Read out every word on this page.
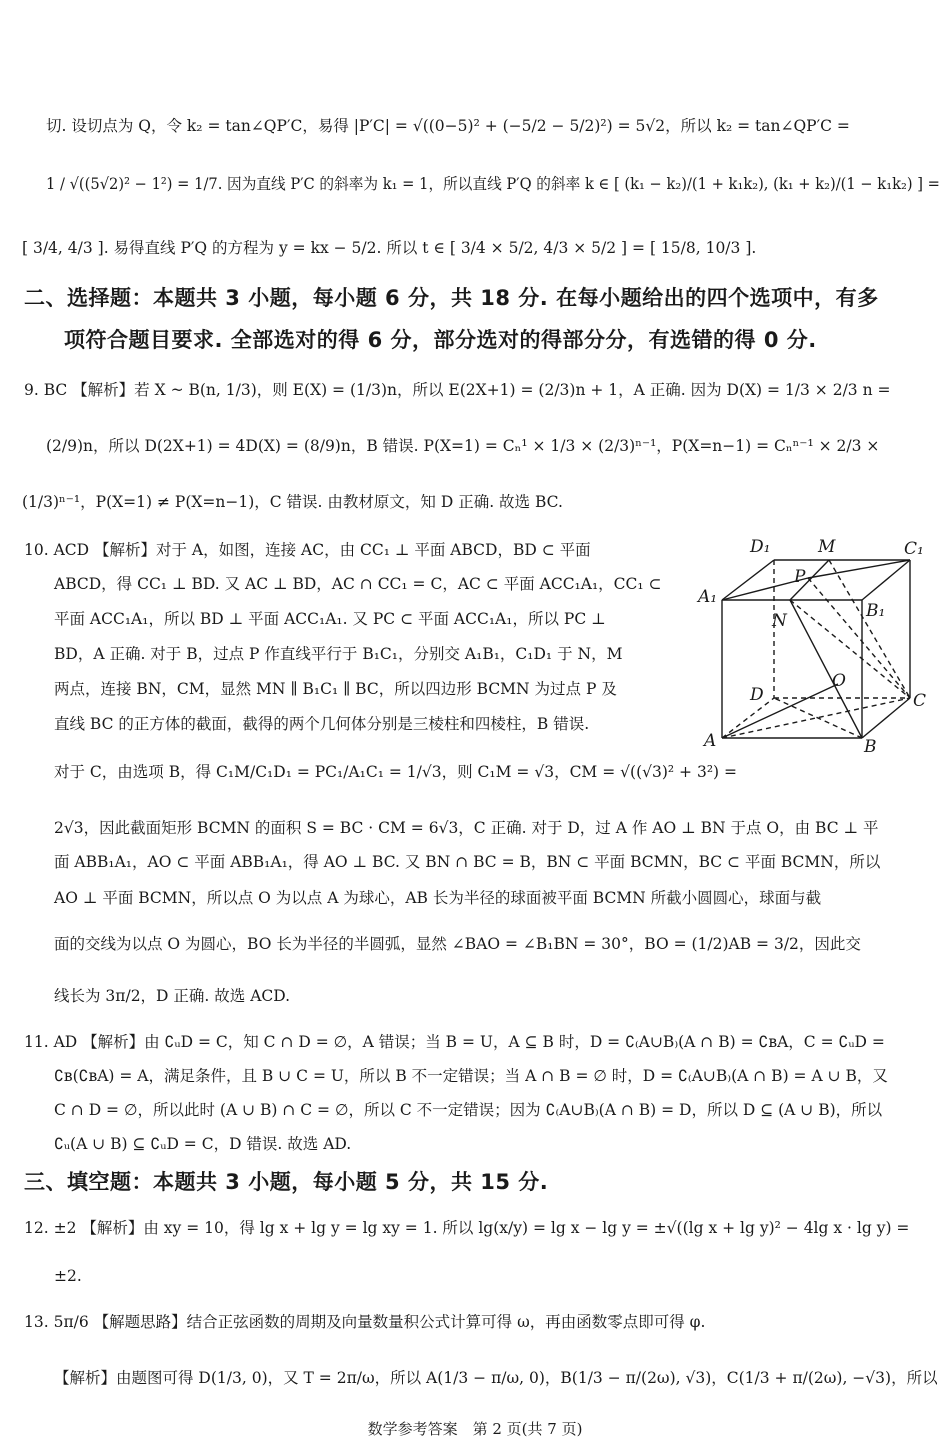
切. 设切点为 Q，令 k₂ = tan∠QP′C，易得 |P′C| = √((0−5)² + (−5/2 − 5/2)²) = 5√2，所以 k₂ = tan∠QP′C =
1 / √((5√2)² − 1²) = 1/7. 因为直线 P′C 的斜率为 k₁ = 1，所以直线 P′Q 的斜率 k ∈ [ (k₁ − k₂)/(1 + k₁k₂), (k₁ + k₂)/(1 − k₁k₂) ] =
[ 3/4, 4/3 ]. 易得直线 P′Q 的方程为 y = kx − 5/2. 所以 t ∈ [ 3/4 × 5/2, 4/3 × 5/2 ] = [ 15/8, 10/3 ].
二、选择题：本题共 3 小题，每小题 6 分，共 18 分. 在每小题给出的四个选项中，有多
项符合题目要求. 全部选对的得 6 分，部分选对的得部分分，有选错的得 0 分.
9. BC 【解析】若 X ~ B(n, 1/3)，则 E(X) = (1/3)n，所以 E(2X+1) = (2/3)n + 1，A 正确. 因为 D(X) = 1/3 × 2/3 n =
(2/9)n，所以 D(2X+1) = 4D(X) = (8/9)n，B 错误. P(X=1) = Cₙ¹ × 1/3 × (2/3)ⁿ⁻¹，P(X=n−1) = Cₙⁿ⁻¹ × 2/3 ×
(1/3)ⁿ⁻¹，P(X=1) ≠ P(X=n−1)，C 错误. 由教材原文，知 D 正确. 故选 BC.
10. ACD 【解析】对于 A，如图，连接 AC，由 CC₁ ⊥ 平面 ABCD，BD ⊂ 平面
ABCD，得 CC₁ ⊥ BD. 又 AC ⊥ BD，AC ∩ CC₁ = C，AC ⊂ 平面 ACC₁A₁，CC₁ ⊂
平面 ACC₁A₁，所以 BD ⊥ 平面 ACC₁A₁. 又 PC ⊂ 平面 ACC₁A₁，所以 PC ⊥
BD，A 正确. 对于 B，过点 P 作直线平行于 B₁C₁，分别交 A₁B₁，C₁D₁ 于 N，M
两点，连接 BN，CM，显然 MN ∥ B₁C₁ ∥ BC，所以四边形 BCMN 为过点 P 及
直线 BC 的正方体的截面，截得的两个几何体分别是三棱柱和四棱柱，B 错误.
对于 C，由选项 B，得 C₁M/C₁D₁ = PC₁/A₁C₁ = 1/√3，则 C₁M = √3，CM = √((√3)² + 3²) =
2√3，因此截面矩形 BCMN 的面积 S = BC · CM = 6√3，C 正确. 对于 D，过 A 作 AO ⊥ BN 于点 O，由 BC ⊥ 平
面 ABB₁A₁，AO ⊂ 平面 ABB₁A₁，得 AO ⊥ BC. 又 BN ∩ BC = B，BN ⊂ 平面 BCMN，BC ⊂ 平面 BCMN，所以
AO ⊥ 平面 BCMN，所以点 O 为以点 A 为球心，AB 长为半径的球面被平面 BCMN 所截小圆圆心，球面与截
面的交线为以点 O 为圆心，BO 长为半径的半圆弧，显然 ∠BAO = ∠B₁BN = 30°，BO = (1/2)AB = 3/2，因此交
线长为 3π/2，D 正确. 故选 ACD.
11. AD 【解析】由 ∁ᵤD = C，知 C ∩ D = ∅，A 错误；当 B = U，A ⊆ B 时，D = ∁₍A∪B₎(A ∩ B) = ∁ʙA，C = ∁ᵤD =
∁ʙ(∁ʙA) = A，满足条件，且 B ∪ C = U，所以 B 不一定错误；当 A ∩ B = ∅ 时，D = ∁₍A∪B₎(A ∩ B) = A ∪ B，又
C ∩ D = ∅，所以此时 (A ∪ B) ∩ C = ∅，所以 C 不一定错误；因为 ∁₍A∪B₎(A ∩ B) = D，所以 D ⊆ (A ∪ B)，所以
∁ᵤ(A ∪ B) ⊆ ∁ᵤD = C，D 错误. 故选 AD.
三、填空题：本题共 3 小题，每小题 5 分，共 15 分.
12. ±2 【解析】由 xy = 10，得 lg x + lg y = lg xy = 1. 所以 lg(x/y) = lg x − lg y = ±√((lg x + lg y)² − 4lg x · lg y) =
±2.
13. 5π/6 【解题思路】结合正弦函数的周期及向量数量积公式计算可得 ω，再由函数零点即可得 φ.
【解析】由题图可得 D(1/3, 0)，又 T = 2π/ω，所以 A(1/3 − π/ω, 0)，B(1/3 − π/(2ω), √3)，C(1/3 + π/(2ω), −√3)，所以
D₁	M	C₁
A₁
P
B₁
N
O
D	C
A	B
数学参考答案　第 2 页(共 7 页)
